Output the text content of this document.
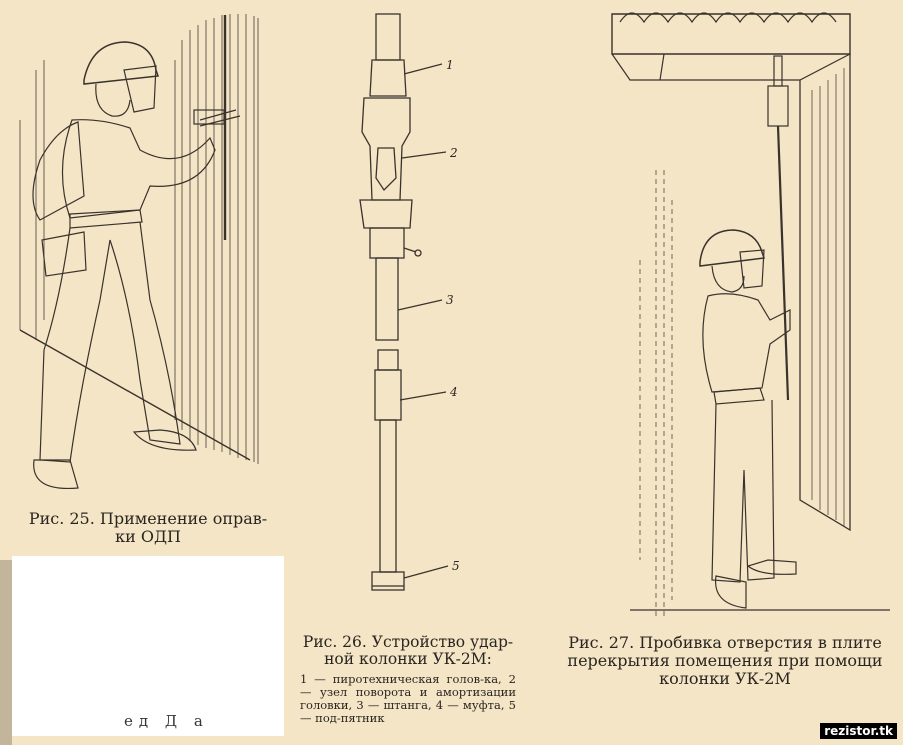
1
2
3
4
5
Рис. 25. Применение оправ-
ки ОДП
ед Д а
Рис. 26. Устройство удар-
ной колонки УК-2М:
1 — пиротехническая голов-ка, 2 — узел поворота и амортизации головки, 3 — штанга, 4 — муфта, 5 — под-пятник
Рис. 27. Пробивка отверстия в плите
перекрытия помещения при помощи
колонки УК-2М
rezistor.tk
